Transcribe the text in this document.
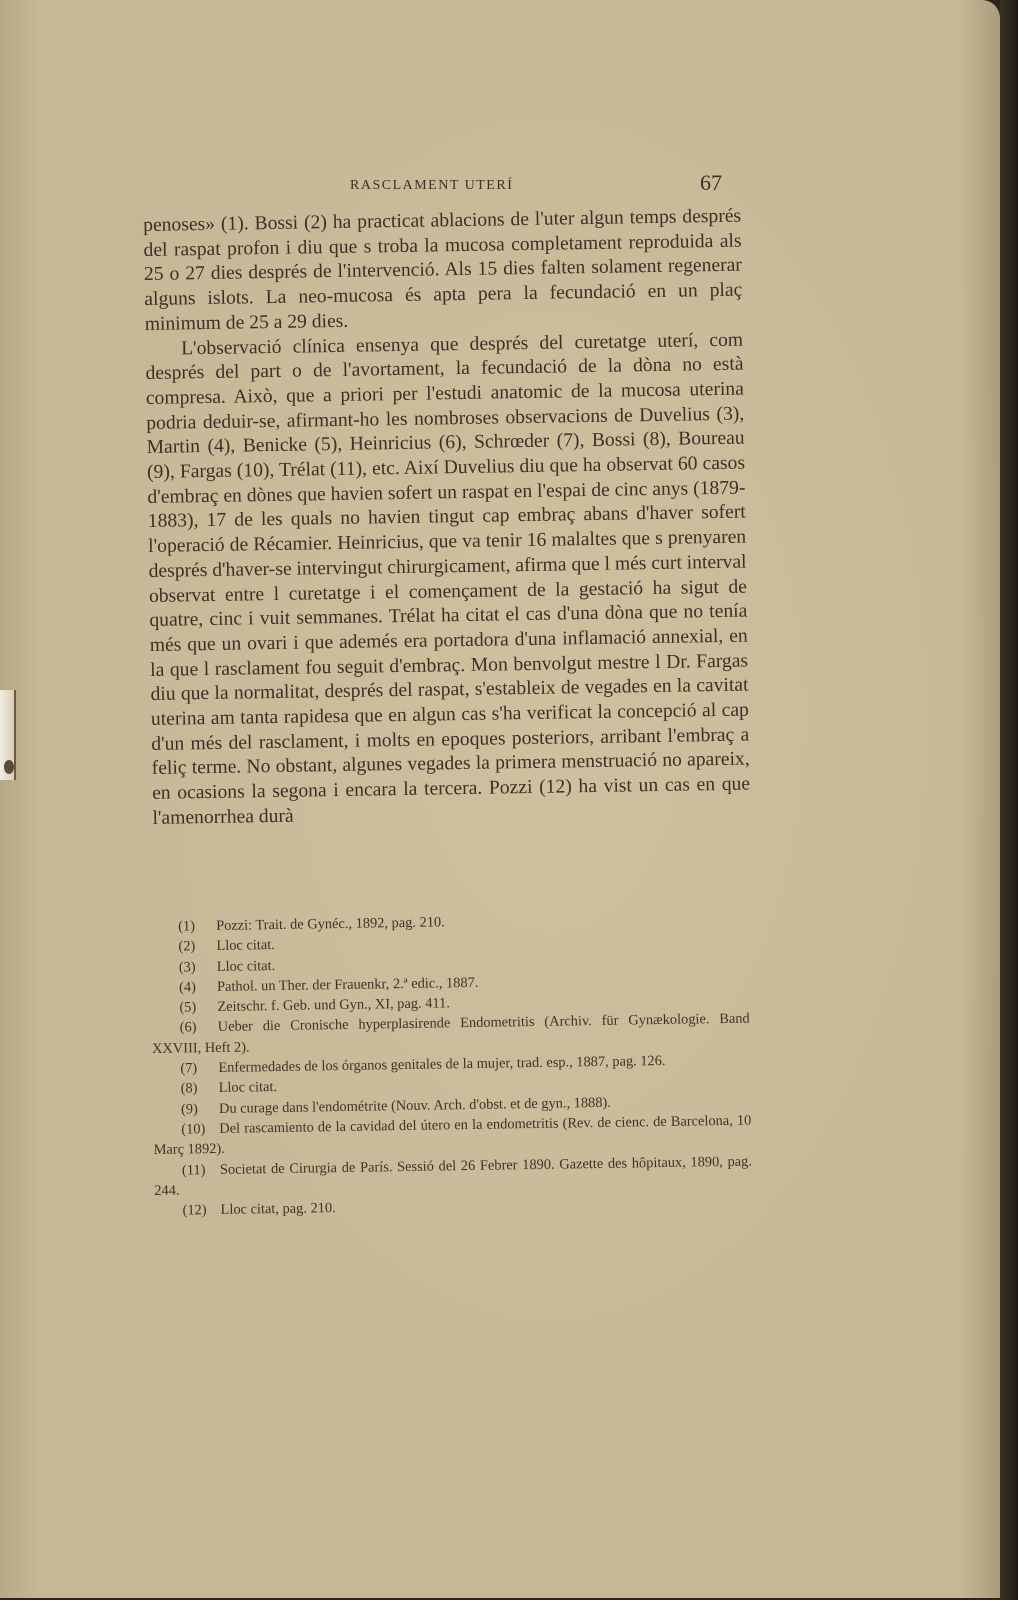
RASCLAMENT UTERÍ	67

penoses» (1). Bossi (2) ha practicat ablacions de l'uter algun temps després del raspat profon i diu que s troba la mucosa completament reproduida als 25 o 27 dies després de l'intervenció. Als 15 dies falten solament regenerar alguns islots. La neo-mucosa és apta pera la fecundació en un plaç minimum de 25 a 29 dies.

L'observació clínica ensenya que després del curetatge uterí, com després del part o de l'avortament, la fecundació de la dòna no està compresa. Això, que a priori per l'estudi anatomic de la mucosa uterina podria deduir-se, afirmant-ho les nombroses observacions de Duvelius (3), Martin (4), Benicke (5), Heinricius (6), Schrœder (7), Bossi (8), Boureau (9), Fargas (10), Trélat (11), etc. Així Duvelius diu que ha observat 60 casos d'embraç en dònes que havien sofert un raspat en l'espai de cinc anys (1879-1883), 17 de les quals no havien tingut cap embraç abans d'haver sofert l'operació de Récamier. Heinricius, que va tenir 16 malaltes que s prenyaren després d'haver-se intervingut chirurgicament, afirma que l més curt interval observat entre l curetatge i el començament de la gestació ha sigut de quatre, cinc i vuit semmanes. Trélat ha citat el cas d'una dòna que no tenía més que un ovari i que ademés era portadora d'una inflamació annexial, en la que l rasclament fou seguit d'embraç. Mon benvolgut mestre l Dr. Fargas diu que la normalitat, després del raspat, s'estableix de vegades en la cavitat uterina am tanta rapidesa que en algun cas s'ha verificat la concepció al cap d'un més del rasclament, i molts en epoques posteriors, arribant l'embraç a feliç terme. No obstant, algunes vegades la primera menstruació no apareix, en ocasions la segona i encara la tercera. Pozzi (12) ha vist un cas en que l'amenorrhea durà

(1) Pozzi: Trait. de Gynéc., 1892, pag. 210.

(2) Lloc citat.

(3) Lloc citat.

(4) Pathol. un Ther. der Frauenkr, 2.ª edic., 1887.

(5) Zeitschr. f. Geb. und Gyn., XI, pag. 411.

(6) Ueber die Cronische hyperplasirende Endometritis (Archiv. für Gynækologie. Band XXVIII, Heft 2).

(7) Enfermedades de los órganos genitales de la mujer, trad. esp., 1887, pag. 126.

(8) Lloc citat.

(9) Du curage dans l'endométrite (Nouv. Arch. d'obst. et de gyn., 1888).

(10) Del rascamiento de la cavidad del útero en la endometritis (Rev. de cienc. de Barcelona, 10 Març 1892).

(11) Societat de Cirurgia de París. Sessió del 26 Febrer 1890. Gazette des hôpitaux, 1890, pag. 244.

(12) Lloc citat, pag. 210.
